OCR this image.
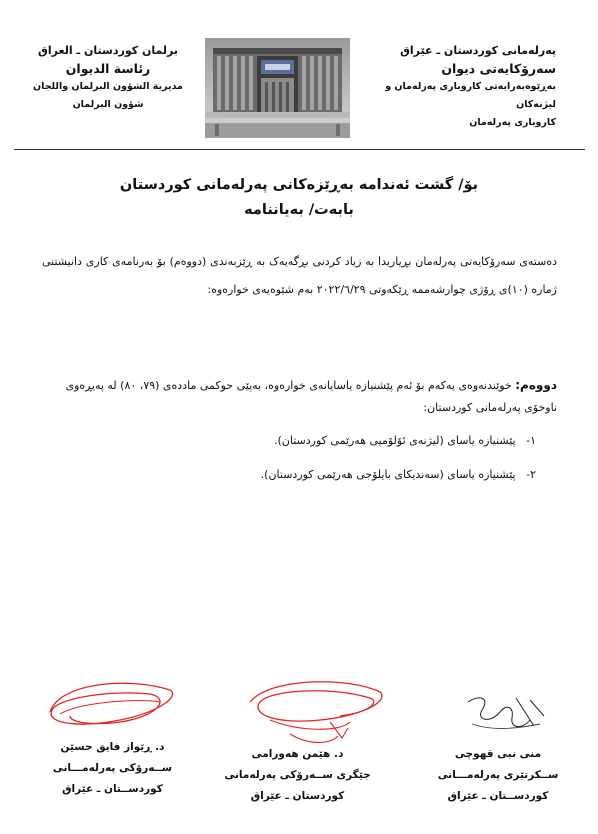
پەرلەمانی کوردستان ـ عێراق
سەرۆکایەتی دیوان
بەڕێوەبەرایەتی کاروباری پەرلەمان و لیژنەکان
کاروباری پەرلەمان
برلمان كوردستان ـ العراق
رئاسة الديوان
مديرية الشؤون البرلمان واللجان
شؤون البرلمان
بۆ/ گشت ئەندامە بەڕێزەکانی پەرلەمانی کوردستان
بابەت/ بەیاننامە
دەستەی سەرۆکایەتی پەرلەمان بڕیاریدا بە زیاد کردنی بڕگەیەک بە ڕێزبەندی (دووەم) بۆ بەرنامەی کاری دانیشتنی ژمارە (١٠)ی ڕۆژی چوارشەممە ڕێکەوتی ٢٠٢٢/٦/٢٩ بەم شێوەیەی خوارەوە:
دووەم: خوێندنەوەی یەکەم بۆ ئەم پێشنیازە یاسایانەی خوارەوە، بەپێی حوکمی ماددەی (٧٩، ٨٠) لە پەیڕەوی ناوخۆی پەرلەمانی کوردستان:
١-   پێشنیازە یاسای (لیژنەی ئۆلۆمپی هەرێمی کوردستان).
٢-   پێشنیازە یاسای (سەندیکای بایلۆجی هەرێمی کوردستان).
د. ڕێواز فایق حسێن
ســەرۆکی پەرلەمـــانی
کوردســتان ـ عێراق
د. هێمن هەورامی
جێگری ســەرۆکی پەرلەمانی
کوردستان ـ عێراق
منى نبی قهوچی
ســکرتێری پەرلەمـــانی
کوردســتان ـ عێراق
